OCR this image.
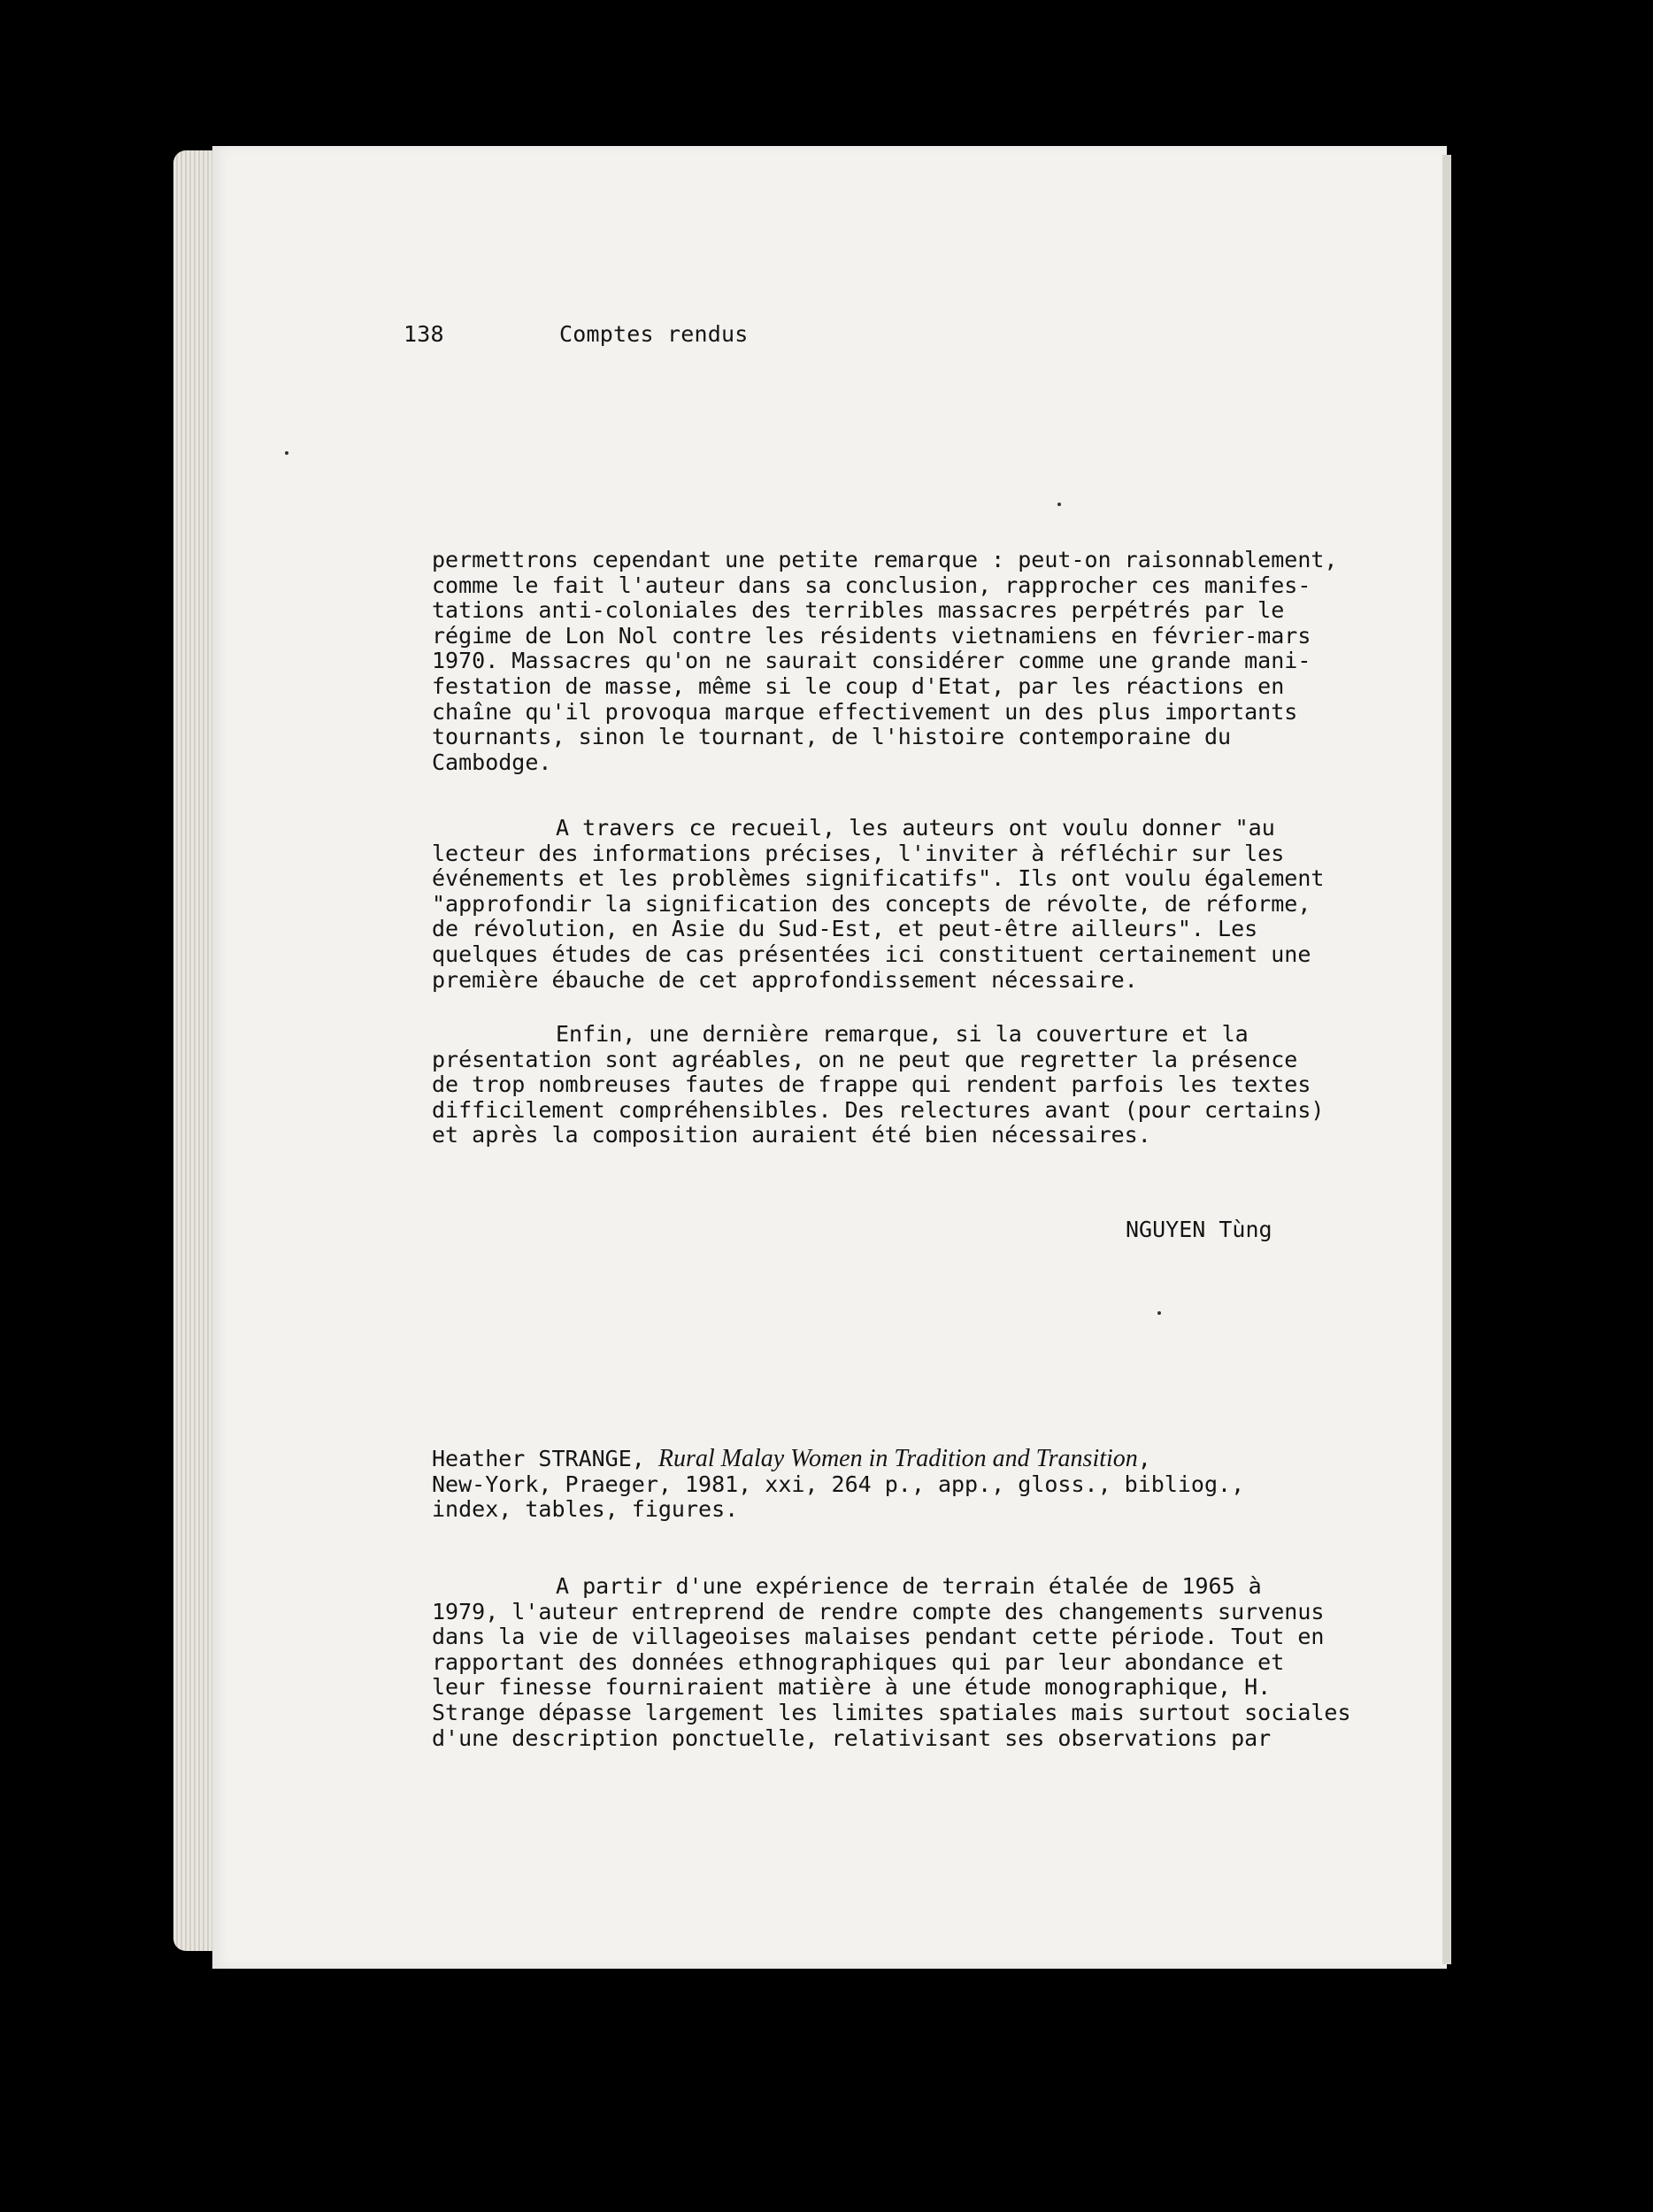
138	Comptes rendus
permettrons cependant une petite remarque : peut-on raisonnablement,
comme le fait l'auteur dans sa conclusion, rapprocher ces manifes-
tations anti-coloniales des terribles massacres perpétrés par le
régime de Lon Nol contre les résidents vietnamiens en février-mars
1970. Massacres qu'on ne saurait considérer comme une grande mani-
festation de masse, même si le coup d'Etat, par les réactions en
chaîne qu'il provoqua marque effectivement un des plus importants
tournants, sinon le tournant, de l'histoire contemporaine du
Cambodge.
A travers ce recueil, les auteurs ont voulu donner "au
lecteur des informations précises, l'inviter à réfléchir sur les
événements et les problèmes significatifs". Ils ont voulu également
"approfondir la signification des concepts de révolte, de réforme,
de révolution, en Asie du Sud-Est, et peut-être ailleurs". Les
quelques études de cas présentées ici constituent certainement une
première ébauche de cet approfondissement nécessaire.
Enfin, une dernière remarque, si la couverture et la
présentation sont agréables, on ne peut que regretter la présence
de trop nombreuses fautes de frappe qui rendent parfois les textes
difficilement compréhensibles. Des relectures avant (pour certains)
et après la composition auraient été bien nécessaires.
NGUYEN Tùng
Heather STRANGE, Rural Malay Women in Tradition and Transition,
New-York, Praeger, 1981, xxi, 264 p., app., gloss., bibliog.,
index, tables, figures.
A partir d'une expérience de terrain étalée de 1965 à
1979, l'auteur entreprend de rendre compte des changements survenus
dans la vie de villageoises malaises pendant cette période. Tout en
rapportant des données ethnographiques qui par leur abondance et
leur finesse fourniraient matière à une étude monographique, H.
Strange dépasse largement les limites spatiales mais surtout sociales
d'une description ponctuelle, relativisant ses observations par
